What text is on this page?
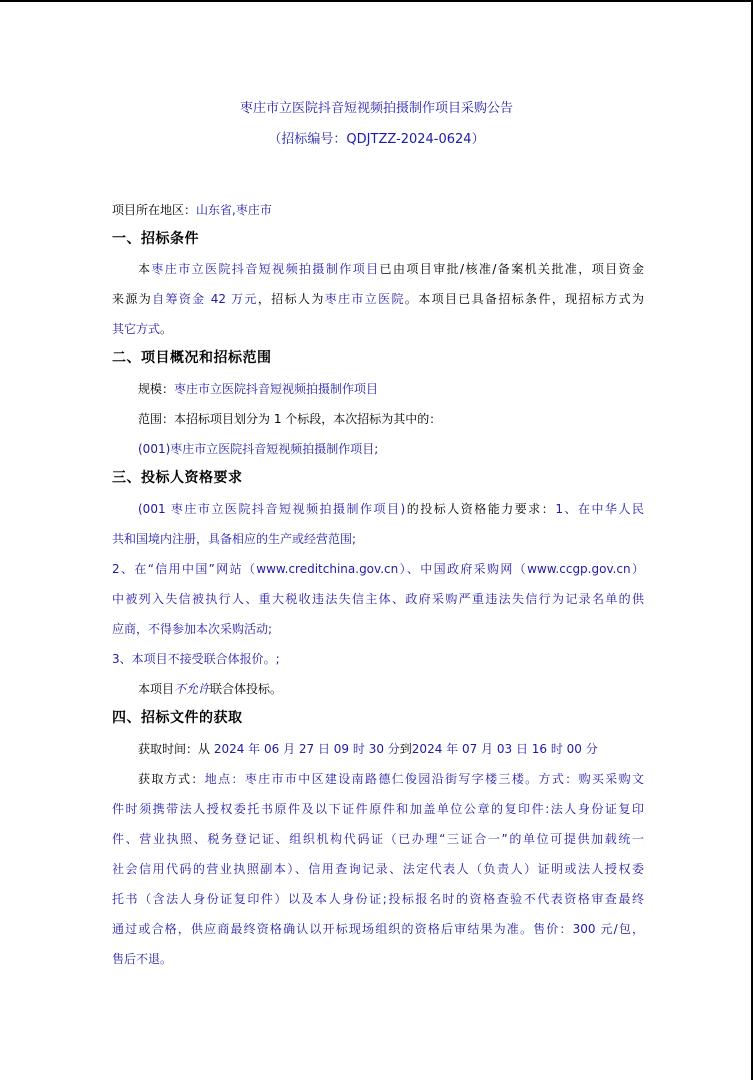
枣庄市立医院抖音短视频拍摄制作项目采购公告
（招标编号：QDJTZZ-2024-0624）
项目所在地区：山东省,枣庄市
一、招标条件
本枣庄市立医院抖音短视频拍摄制作项目已由项目审批/核准/备案机关批准，项目资金
来源为自筹资金 42 万元，招标人为枣庄市立医院。本项目已具备招标条件，现招标方式为
其它方式。
二、项目概况和招标范围
规模：枣庄市立医院抖音短视频拍摄制作项目
范围：本招标项目划分为 1 个标段，本次招标为其中的：
(001)枣庄市立医院抖音短视频拍摄制作项目;
三、投标人资格要求
(001 枣庄市立医院抖音短视频拍摄制作项目)的投标人资格能力要求：1、在中华人民
共和国境内注册，具备相应的生产或经营范围;
2、在“信用中国”网站（www.creditchina.gov.cn）、中国政府采购网（www.ccgp.gov.cn）
中被列入失信被执行人、重大税收违法失信主体、政府采购严重违法失信行为记录名单的供
应商，不得参加本次采购活动;
3、本项目不接受联合体报价。;
本项目不允许联合体投标。
四、招标文件的获取
获取时间：从 2024 年 06 月 27 日 09 时 30 分到2024 年 07 月 03 日 16 时 00 分
获取方式：地点：枣庄市市中区建设南路德仁俊园沿街写字楼三楼。方式：购买采购文
件时须携带法人授权委托书原件及以下证件原件和加盖单位公章的复印件:法人身份证复印
件、营业执照、税务登记证、组织机构代码证（已办理“三证合一”的单位可提供加载统一
社会信用代码的营业执照副本）、信用查询记录、法定代表人（负责人）证明或法人授权委
托书（含法人身份证复印件）以及本人身份证;投标报名时的资格查验不代表资格审查最终
通过或合格，供应商最终资格确认以开标现场组织的资格后审结果为准。售价：300 元/包，
售后不退。
